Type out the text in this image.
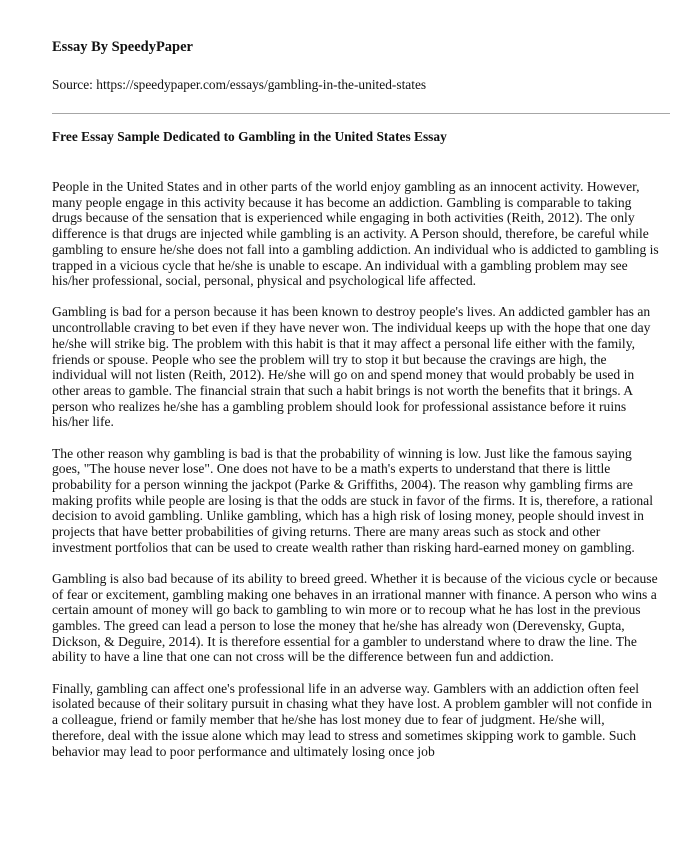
Essay By SpeedyPaper
Source: https://speedypaper.com/essays/gambling-in-the-united-states
Free Essay Sample Dedicated to Gambling in the United States Essay

People in the United States and in other parts of the world enjoy gambling as an innocent activity. However, many people engage in this activity because it has become an addiction. Gambling is comparable to taking drugs because of the sensation that is experienced while engaging in both activities (Reith, 2012). The only difference is that drugs are injected while gambling is an activity. A Person should, therefore, be careful while gambling to ensure he/she does not fall into a gambling addiction. An individual who is addicted to gambling is trapped in a vicious cycle that he/she is unable to escape. An individual with a gambling problem may see his/her professional, social, personal, physical and psychological life affected.

Gambling is bad for a person because it has been known to destroy people's lives. An addicted gambler has an uncontrollable craving to bet even if they have never won. The individual keeps up with the hope that one day he/she will strike big. The problem with this habit is that it may affect a personal life either with the family, friends or spouse. People who see the problem will try to stop it but because the cravings are high, the individual will not listen (Reith, 2012). He/she will go on and spend money that would probably be used in other areas to gamble. The financial strain that such a habit brings is not worth the benefits that it brings. A person who realizes he/she has a gambling problem should look for professional assistance before it ruins his/her life.

The other reason why gambling is bad is that the probability of winning is low. Just like the famous saying goes, "The house never lose". One does not have to be a math's experts to understand that there is little probability for a person winning the jackpot (Parke & Griffiths, 2004). The reason why gambling firms are making profits while people are losing is that the odds are stuck in favor of the firms. It is, therefore, a rational decision to avoid gambling. Unlike gambling, which has a high risk of losing money, people should invest in projects that have better probabilities of giving returns. There are many areas such as stock and other investment portfolios that can be used to create wealth rather than risking hard-earned money on gambling.

Gambling is also bad because of its ability to breed greed. Whether it is because of the vicious cycle or because of fear or excitement, gambling making one behaves in an irrational manner with finance. A person who wins a certain amount of money will go back to gambling to win more or to recoup what he has lost in the previous gambles. The greed can lead a person to lose the money that he/she has already won (Derevensky, Gupta, Dickson, & Deguire, 2014). It is therefore essential for a gambler to understand where to draw the line. The ability to have a line that one can not cross will be the difference between fun and addiction.

Finally, gambling can affect one's professional life in an adverse way. Gamblers with an addiction often feel isolated because of their solitary pursuit in chasing what they have lost. A problem gambler will not confide in a colleague, friend or family member that he/she has lost money due to fear of judgment. He/she will, therefore, deal with the issue alone which may lead to stress and sometimes skipping work to gamble. Such behavior may lead to poor performance and ultimately losing once job
